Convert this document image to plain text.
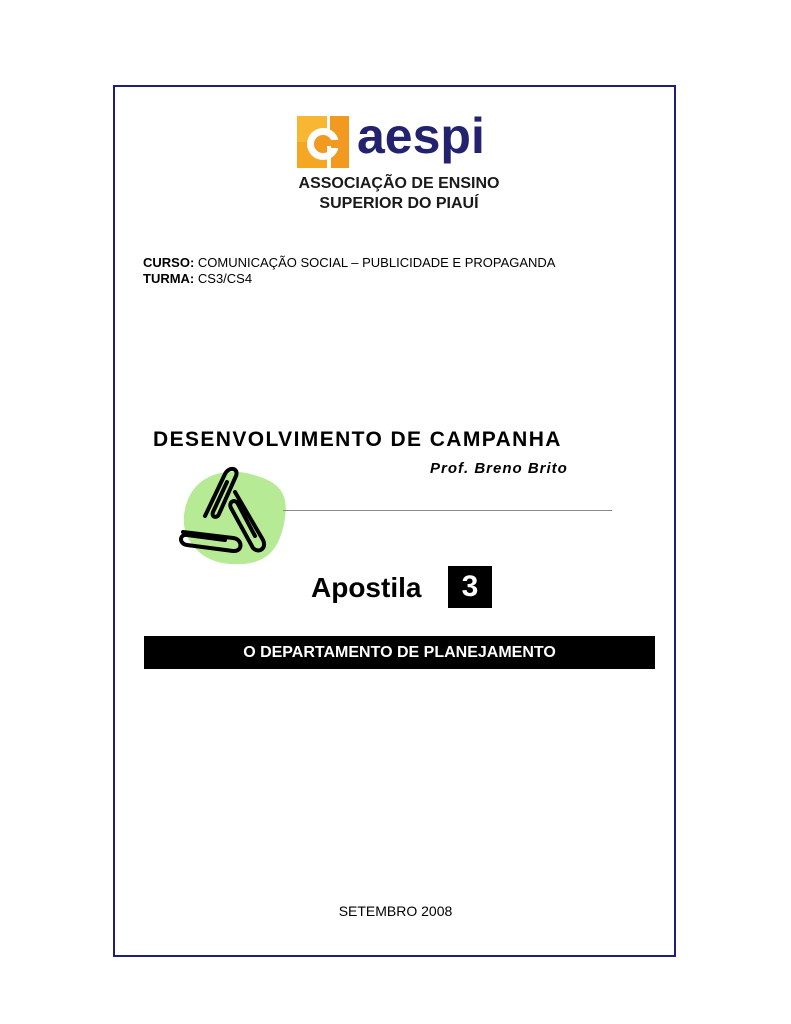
aespi
ASSOCIAÇÃO DE ENSINO
SUPERIOR DO PIAUÍ
CURSO: COMUNICAÇÃO SOCIAL – PUBLICIDADE E PROPAGANDA
TURMA: CS3/CS4
DESENVOLVIMENTO DE CAMPANHA
Prof. Breno Brito
Apostila	3
O DEPARTAMENTO DE PLANEJAMENTO
SETEMBRO 2008
